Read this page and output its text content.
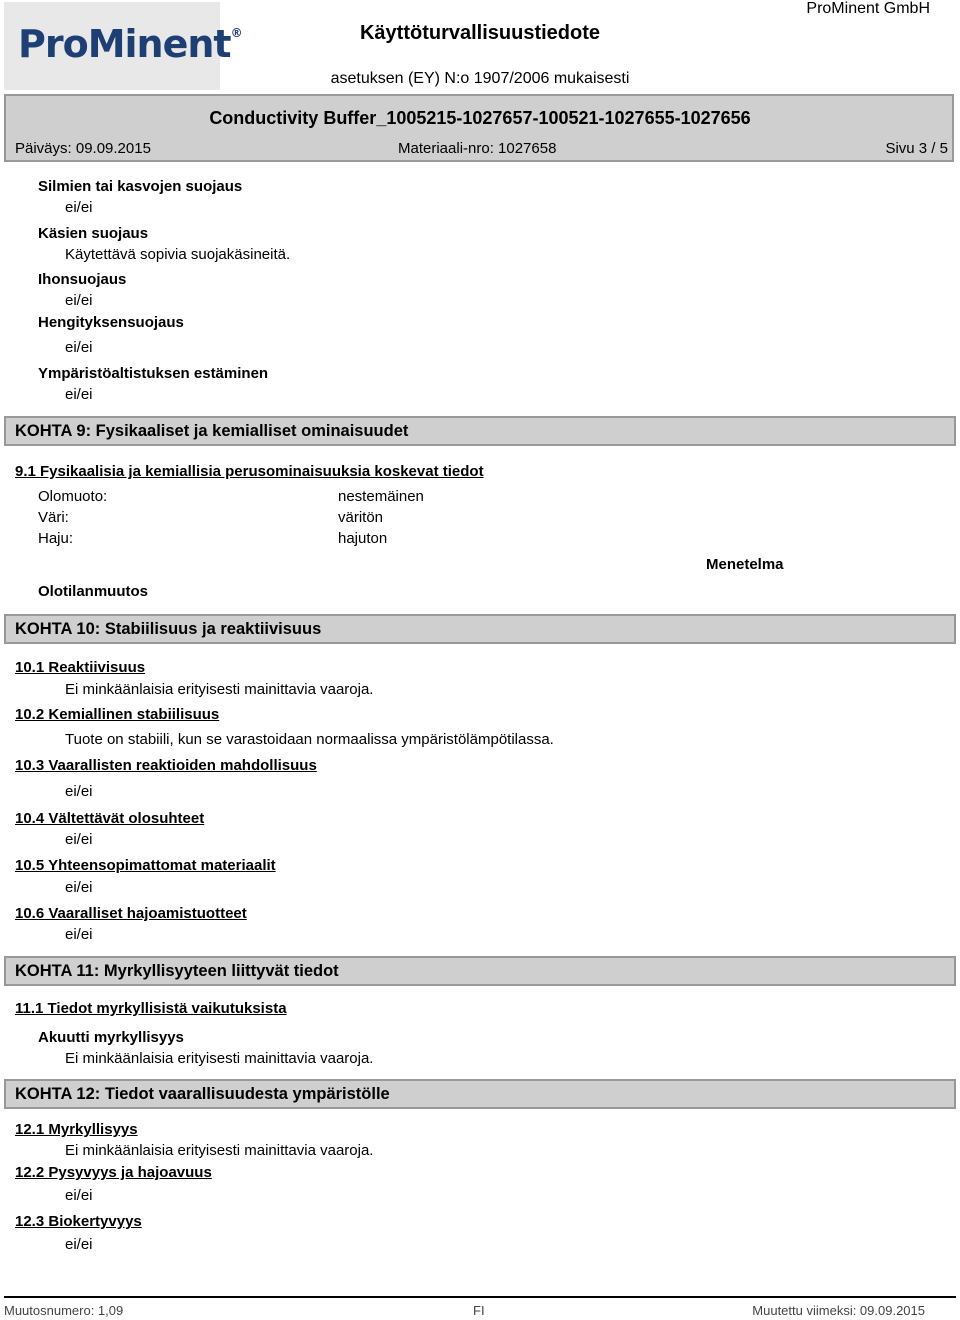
ProMinent®	Käyttöturvallisuustiedote
ProMinent GmbH
asetuksen (EY) N:o 1907/2006 mukaisesti
Conductivity Buffer_1005215-1027657-100521-1027655-1027656
Päiväys: 09.09.2015	Materiaali-nro: 1027658	Sivu 3 / 5
Silmien tai kasvojen suojaus
ei/ei
Käsien suojaus
Käytettävä sopivia suojakäsineitä.
Ihonsuojaus
ei/ei
Hengityksensuojaus
ei/ei
Ympäristöaltistuksen estäminen
ei/ei
KOHTA 9: Fysikaaliset ja kemialliset ominaisuudet
9.1 Fysikaalisia ja kemiallisia perusominaisuuksia koskevat tiedot
Olomuoto:	nestemäinen
Väri:	väritön
Haju:	hajuton
Menetelma
Olotilanmuutos
KOHTA 10: Stabiilisuus ja reaktiivisuus
10.1 Reaktiivisuus
Ei minkäänlaisia erityisesti mainittavia vaaroja.
10.2 Kemiallinen stabiilisuus
Tuote on stabiili, kun se varastoidaan normaalissa ympäristölämpötilassa.
10.3 Vaarallisten reaktioiden mahdollisuus
ei/ei
10.4 Vältettävät olosuhteet
ei/ei
10.5 Yhteensopimattomat materiaalit
ei/ei
10.6 Vaaralliset hajoamistuotteet
ei/ei
KOHTA 11: Myrkyllisyyteen liittyvät tiedot
11.1 Tiedot myrkyllisistä vaikutuksista
Akuutti myrkyllisyys
Ei minkäänlaisia erityisesti mainittavia vaaroja.
KOHTA 12: Tiedot vaarallisuudesta ympäristölle
12.1 Myrkyllisyys
Ei minkäänlaisia erityisesti mainittavia vaaroja.
12.2 Pysyvyys ja hajoavuus
ei/ei
12.3 Biokertyvyys
ei/ei
Muutosnumero: 1,09	FI	Muutettu viimeksi: 09.09.2015
